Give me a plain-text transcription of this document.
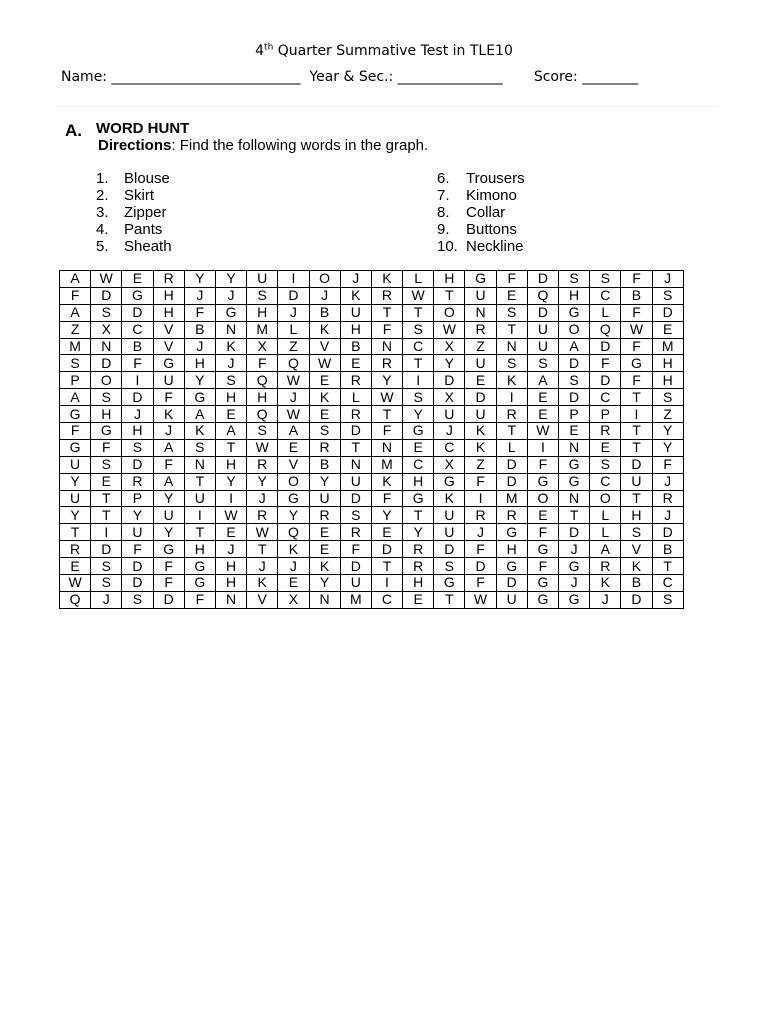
4th Quarter Summative Test in TLE10
Name: ___________________________ Year & Sec.: _______________ Score: ________
A. WORD HUNT
Directions: Find the following words in the graph.
1.	Blouse
2.	Skirt
3.	Zipper
4.	Pants
5.	Sheath
6.	Trousers
7.	Kimono
8.	Collar
9.	Buttons
10. Neckline
A	W	E	R	Y	Y	U	I	O	J	K	L	H	G	F	D	S	S	F	J
F	D	G	H	J	J	S	D	J	K	R	W	T	U	E	Q	H	C	B	S
A	S	D	H	F	G	H	J	B	U	T	T	O	N	S	D	G	L	F	D
Z	X	C	V	B	N	M	L	K	H	F	S	W	R	T	U	O	Q	W	E
M	N	B	V	J	K	X	Z	V	B	N	C	X	Z	N	U	A	D	F	M
S	D	F	G	H	J	F	Q	W	E	R	T	Y	U	S	S	D	F	G	H
P	O	I	U	Y	S	Q	W	E	R	Y	I	D	E	K	A	S	D	F	H
A	S	D	F	G	H	H	J	K	L	W	S	X	D	I	E	D	C	T	S
G	H	J	K	A	E	Q	W	E	R	T	Y	U	U	R	E	P	P	I	Z
F	G	H	J	K	A	S	A	S	D	F	G	J	K	T	W	E	R	T	Y
G	F	S	A	S	T	W	E	R	T	N	E	C	K	L	I	N	E	T	Y
U	S	D	F	N	H	R	V	B	N	M	C	X	Z	D	F	G	S	D	F
Y	E	R	A	T	Y	Y	O	Y	U	K	H	G	F	D	G	G	C	U	J
U	T	P	Y	U	I	J	G	U	D	F	G	K	I	M	O	N	O	T	R
Y	T	Y	U	I	W	R	Y	R	S	Y	T	U	R	R	E	T	L	H	J
T	I	U	Y	T	E	W	Q	E	R	E	Y	U	J	G	F	D	L	S	D
R	D	F	G	H	J	T	K	E	F	D	R	D	F	H	G	J	A	V	B
E	S	D	F	G	H	J	J	K	D	T	R	S	D	G	F	G	R	K	T
W	S	D	F	G	H	K	E	Y	U	I	H	G	F	D	G	J	K	B	C
Q	J	S	D	F	N	V	X	N	M	C	E	T	W	U	G	G	J	D	S
